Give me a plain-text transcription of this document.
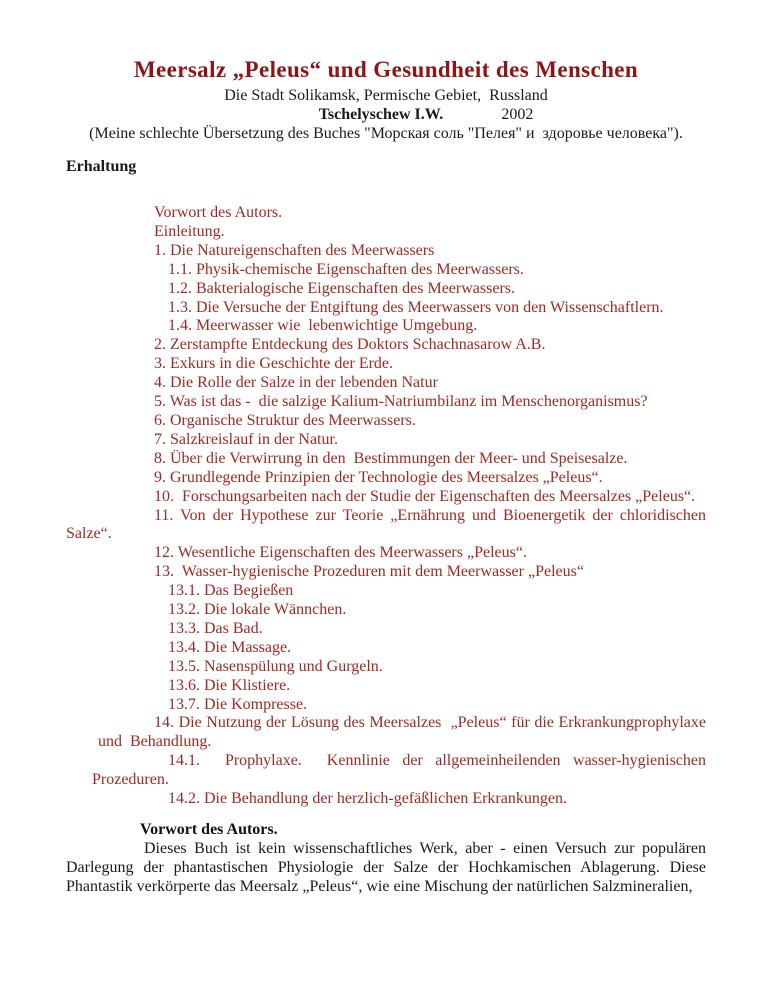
Meersalz „Peleus“ und Gesundheit des Menschen

Die Stadt Solikamsk, Permische Gebiet,  Russland

Tschelyschew I.W.	2002

(Meine schlechte Übersetzung des Buches "Морская соль "Пелея" и  здоровье человека").

Erhaltung

Vorwort des Autors.

Einleitung.

1. Die Natureigenschaften des Meerwassers

1.1. Physik-chemische Eigenschaften des Meerwassers.

1.2. Bakterialogische Eigenschaften des Meerwassers.

1.3. Die Versuche der Entgiftung des Meerwassers von den Wissenschaftlern.

1.4. Meerwasser wie  lebenwichtige Umgebung.

2. Zerstampfte Entdeckung des Doktors Schachnasarow A.B.

3. Exkurs in die Geschichte der Erde.

4. Die Rolle der Salze in der lebenden Natur

5. Was ist das -  die salzige Kalium-Natriumbilanz im Menschenorganismus?

6. Organische Struktur des Meerwassers.

7. Salzkreislauf in der Natur.

8. Über die Verwirrung in den  Bestimmungen der Meer- und Speisesalze.

9. Grundlegende Prinzipien der Technologie des Meersalzes „Peleus“.

10.  Forschungsarbeiten nach der Studie der Eigenschaften des Meersalzes „Peleus“.

11. Von der Hypothese zur Teorie „Ernährung und Bioenergetik der chloridischen Salze“.

12. Wesentliche Eigenschaften des Meerwassers „Peleus“.

13.  Wasser-hygienische Prozeduren mit dem Meerwasser „Peleus“

13.1. Das Begießen

13.2. Die lokale Wännchen.

13.3. Das Bad.

13.4. Die Massage.

13.5. Nasenspülung und Gurgeln.

13.6. Die Klistiere.

13.7. Die Kompresse.

14. Die Nutzung der Lösung des Meersalzes  „Peleus“ für die Erkrankungprophylaxe und  Behandlung.

14.1.  Prophylaxe.  Kennlinie der allgemeinheilenden wasser-hygienischen Prozeduren.

14.2. Die Behandlung der herzlich-gefäßlichen Erkrankungen.

Vorwort des Autors.

Dieses Buch ist kein wissenschaftliches Werk, aber - einen Versuch zur populären Darlegung der phantastischen Physiologie der Salze der Hochkamischen Ablagerung. Diese Phantastik verkörperte das Meersalz „Peleus“, wie eine Mischung der natürlichen Salzmineralien,
